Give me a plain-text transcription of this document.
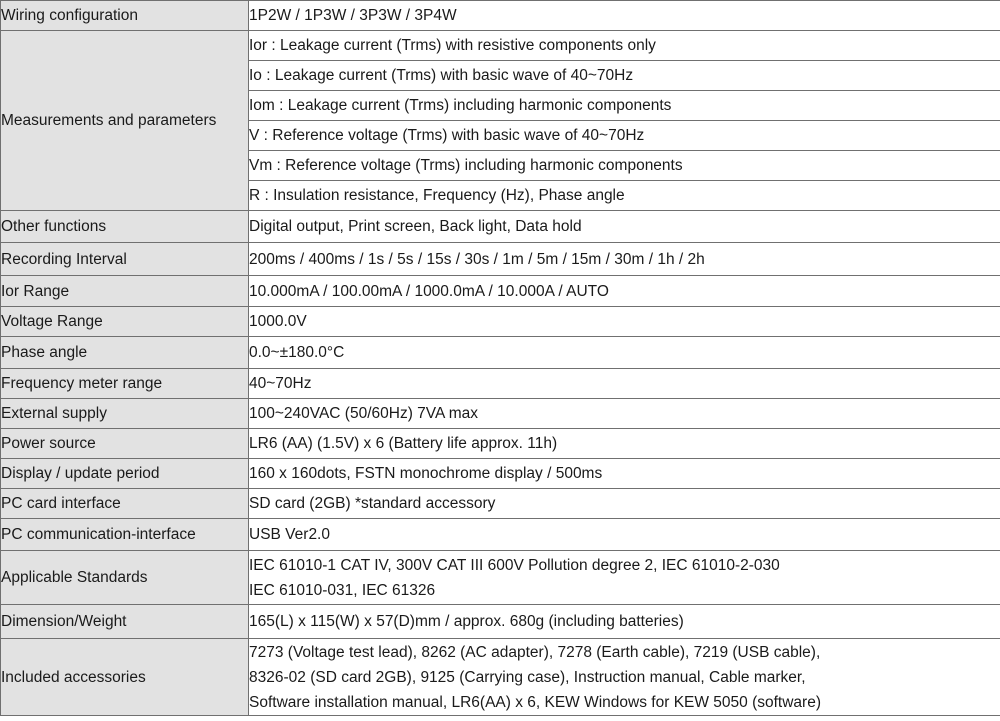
Wiring configuration	1P2W / 1P3W / 3P3W / 3P4W
Measurements and parameters	Ior : Leakage current (Trms) with resistive components only
	Io : Leakage current (Trms) with basic wave of 40~70Hz
	Iom : Leakage current (Trms) including harmonic components
	V : Reference voltage (Trms) with basic wave of 40~70Hz
	Vm : Reference voltage (Trms) including harmonic components
	R : Insulation resistance, Frequency (Hz), Phase angle
Other functions	Digital output, Print screen, Back light, Data hold
Recording Interval	200ms / 400ms / 1s / 5s / 15s / 30s / 1m / 5m / 15m / 30m / 1h / 2h
Ior Range	10.000mA / 100.00mA / 1000.0mA / 10.000A / AUTO
Voltage Range	1000.0V
Phase angle	0.0~±180.0°C
Frequency meter range	40~70Hz
External supply	100~240VAC (50/60Hz) 7VA max
Power source	LR6 (AA) (1.5V) x 6 (Battery life approx. 11h)
Display / update period	160 x 160dots, FSTN monochrome display / 500ms
PC card interface	SD card (2GB) *standard accessory
PC communication-interface	USB Ver2.0
Applicable Standards	IEC 61010-1 CAT IV, 300V CAT III 600V Pollution degree 2, IEC 61010-2-030
IEC 61010-031, IEC 61326

Dimension/Weight	165(L) x 115(W) x 57(D)mm / approx. 680g (including batteries)
Included accessories	7273 (Voltage test lead), 8262 (AC adapter), 7278 (Earth cable), 7219 (USB cable),
8326-02 (SD card 2GB), 9125 (Carrying case), Instruction manual, Cable marker,
Software installation manual, LR6(AA) x 6, KEW Windows for KEW 5050 (software)
